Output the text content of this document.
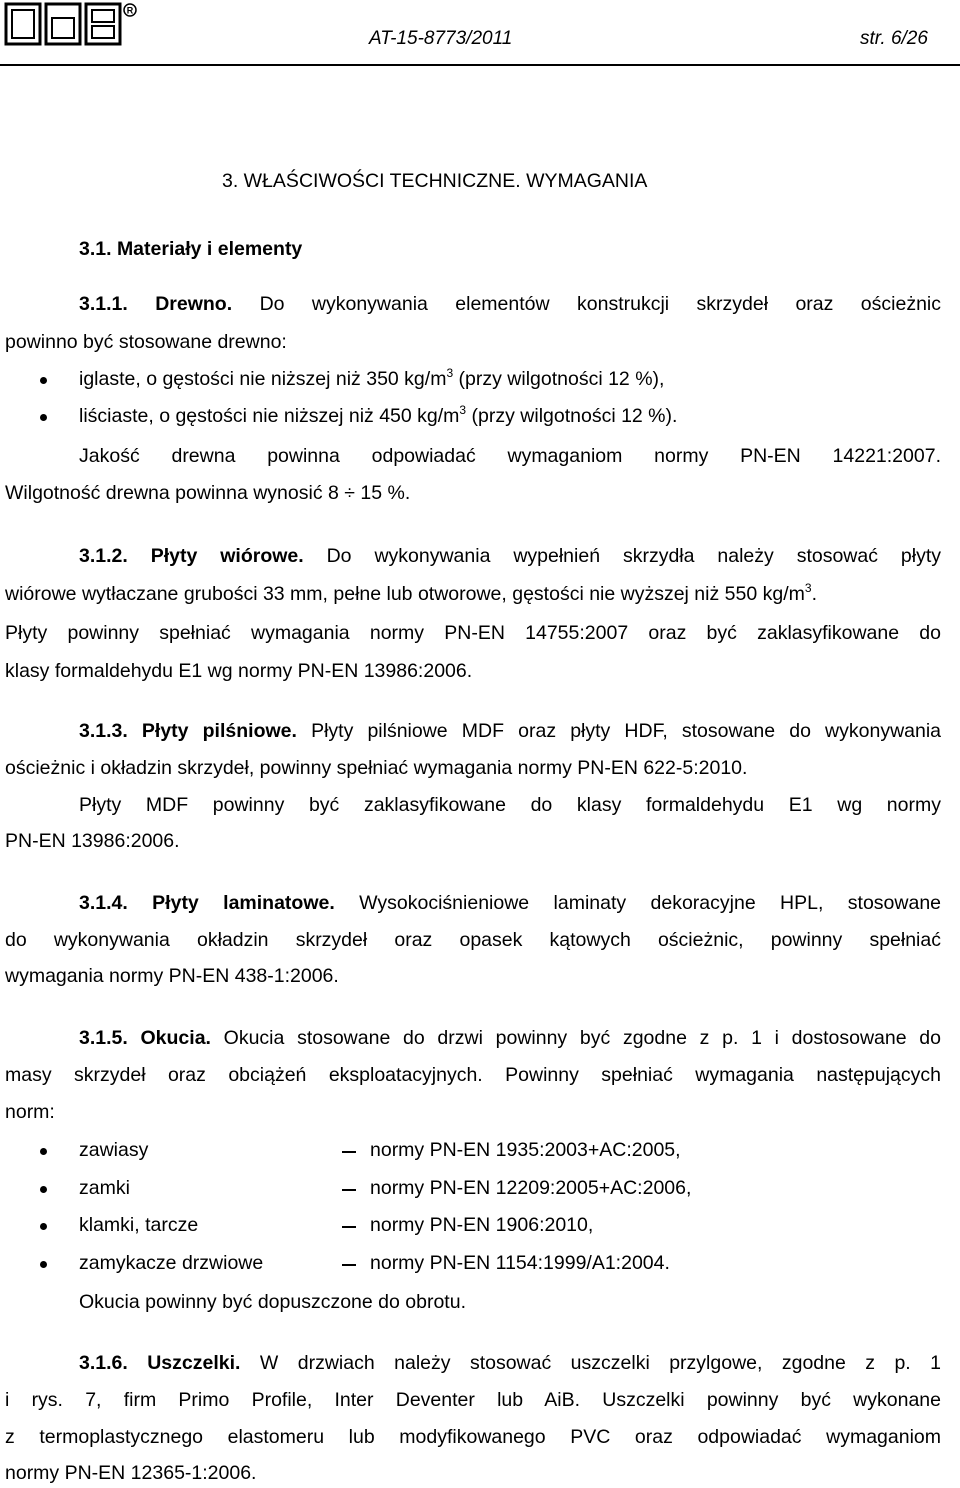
R
AT-15-8773/2011	str. 6/26
3. WŁAŚCIWOŚCI TECHNICZNE. WYMAGANIA
3.1. Materiały i elementy
3.1.1. Drewno. Do wykonywania elementów konstrukcji skrzydeł oraz ościeżnic
powinno być stosowane drewno:
iglaste, o gęstości nie niższej niż 350 $kg/m^3$ (przy wilgotności 12 %),
liściaste, o gęstości nie niższej niż 450 $kg/m^3$ (przy wilgotności 12 %).
Jakość drewna powinna odpowiadać wymaganiom normy PN-EN 14221:2007.
Wilgotność drewna powinna wynosić 8 ÷ 15 %.
3.1.2. Płyty wiórowe. Do wykonywania wypełnień skrzydła należy stosować płyty
wiórowe wytłaczane grubości 33 mm, pełne lub otworowe, gęstości nie wyższej niż 550 $kg/m^3$.
Płyty powinny spełniać wymagania normy PN-EN 14755:2007 oraz być zaklasyfikowane do
klasy formaldehydu E1 wg normy PN-EN 13986:2006.
3.1.3. Płyty pilśniowe. Płyty pilśniowe MDF oraz płyty HDF, stosowane do wykonywania
ościeżnic i okładzin skrzydeł, powinny spełniać wymagania normy PN-EN 622-5:2010.
Płyty MDF powinny być zaklasyfikowane do klasy formaldehydu E1 wg normy
PN-EN 13986:2006.
3.1.4. Płyty laminatowe. Wysokociśnieniowe laminaty dekoracyjne HPL, stosowane
do wykonywania okładzin skrzydeł oraz opasek kątowych ościeżnic, powinny spełniać
wymagania normy PN-EN 438-1:2006.
3.1.5. Okucia. Okucia stosowane do drzwi powinny być zgodne z p. 1 i dostosowane do
masy skrzydeł oraz obciążeń eksploatacyjnych. Powinny spełniać wymagania następujących
norm:
zawiasy	normy PN-EN 1935:2003+AC:2005,
zamki	normy PN-EN 12209:2005+AC:2006,
klamki, tarcze	normy PN-EN 1906:2010,
zamykacze drzwiowe	normy PN-EN 1154:1999/A1:2004.
Okucia powinny być dopuszczone do obrotu.
3.1.6. Uszczelki. W drzwiach należy stosować uszczelki przylgowe, zgodne z p. 1
i rys. 7, firm Primo Profile, Inter Deventer lub AiB. Uszczelki powinny być wykonane
z termoplastycznego elastomeru lub modyfikowanego PVC oraz odpowiadać wymaganiom
normy PN-EN 12365-1:2006.
